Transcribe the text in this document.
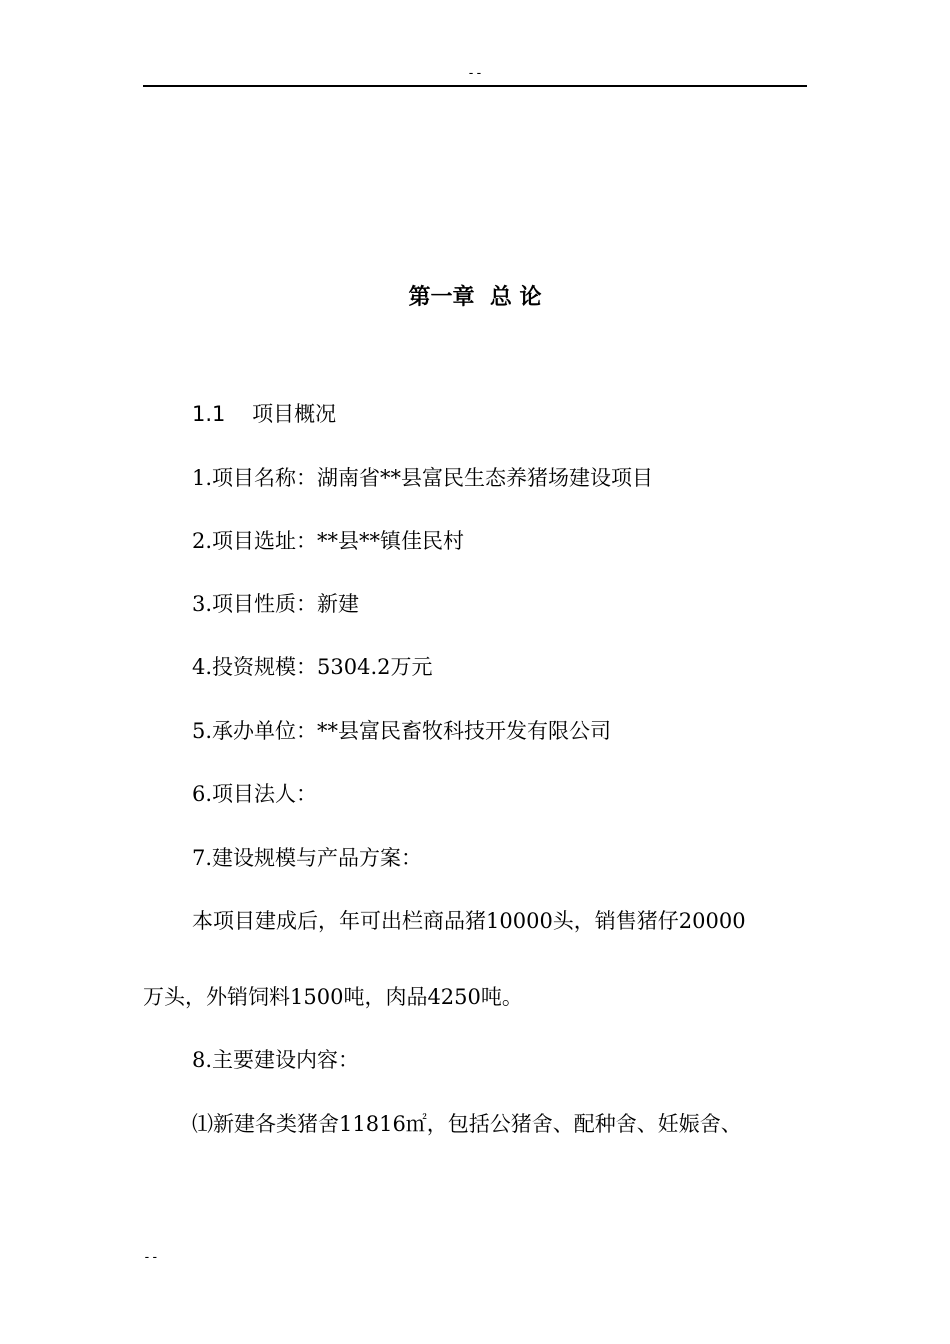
--
第一章  总 论
1.1    项目概况
1.项目名称：湖南省**县富民生态养猪场建设项目
2.项目选址：**县**镇佳民村
3.项目性质：新建
4.投资规模：5304.2万元
5.承办单位：**县富民畜牧科技开发有限公司
6.项目法人：
7.建设规模与产品方案：
本项目建成后，年可出栏商品猪10000头，销售猪仔20000
万头，外销饲料1500吨，肉品4250吨。
8.主要建设内容：
⑴新建各类猪舍11816㎡，包括公猪舍、配种舍、妊娠舍、
--
